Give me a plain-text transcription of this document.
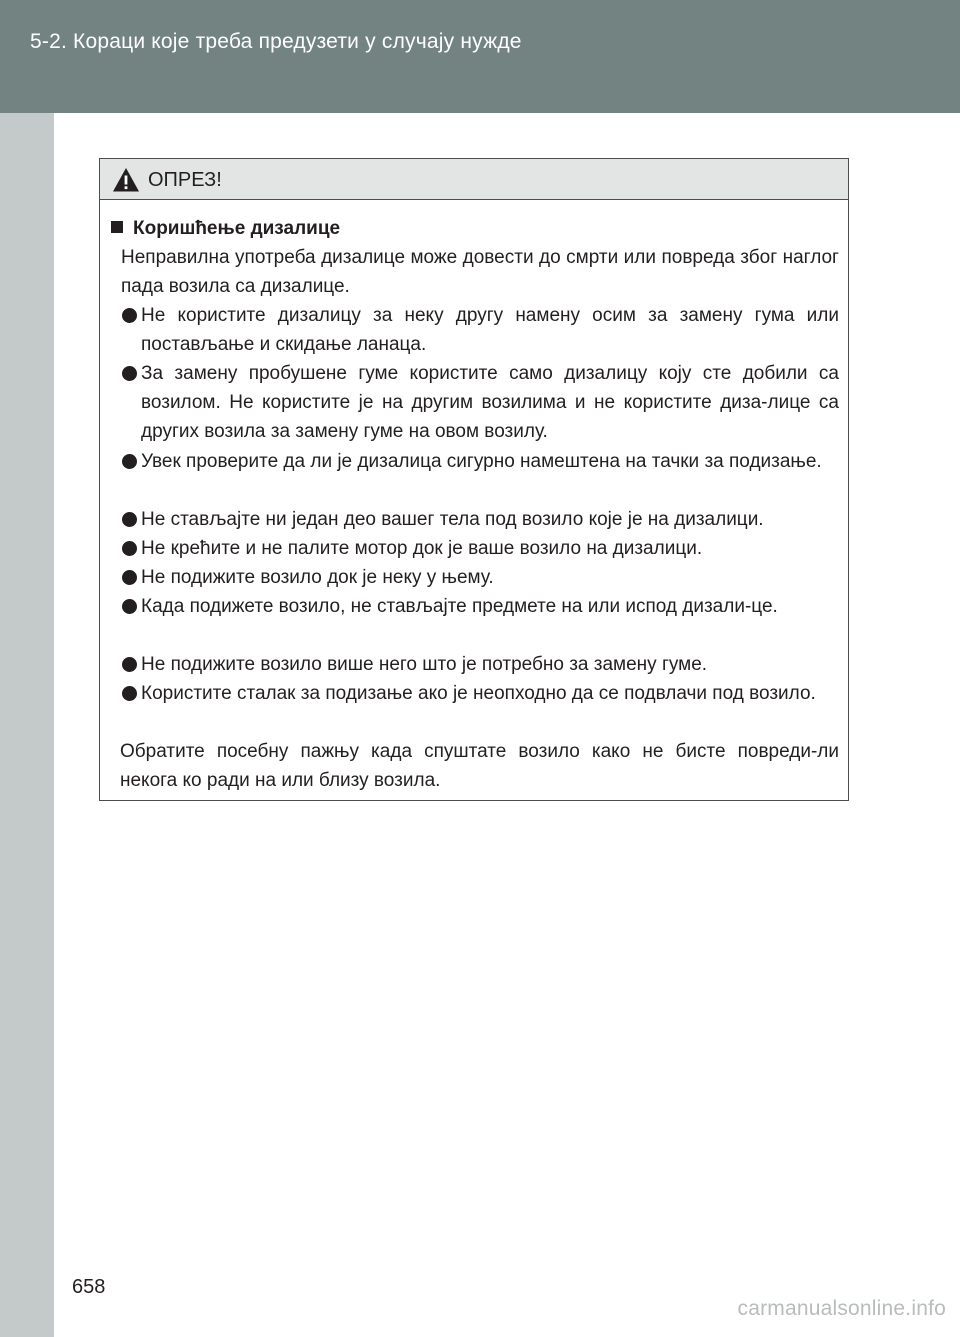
5-2. Кораци које треба предузети у случају нужде
ОПРЕЗ!
Коришћење дизалице
Неправилна употреба дизалице може довести до смрти или повреда због наглог пада возила са дизалице.
Не користите дизалицу за неку другу намену осим за замену гума или постављање и скидање ланаца.
За замену пробушене гуме користите само дизалицу коју сте добили са возилом. Не користите је на другим возилима и не користите диза-лице са других возила за замену гуме на овом возилу.
Увек проверите да ли је дизалица сигурно намештена на тачки за подизање.
Не стављајте ни један део вашег тела под возило које је на дизалици.
Не крећите и не палите мотор док је ваше возило на дизалици.
Не подижите возило док је неку у њему.
Када подижете возило, не стављајте предмете на или испод дизали-це.
Не подижите возило више него што је потребно за замену гуме.
Користите сталак за подизање ако је неопходно да се подвлачи под возило.
Обратите посебну пажњу када спуштате возило како не бисте повреди-ли некога ко ради на или близу возила.
658
carmanualsonline.info
